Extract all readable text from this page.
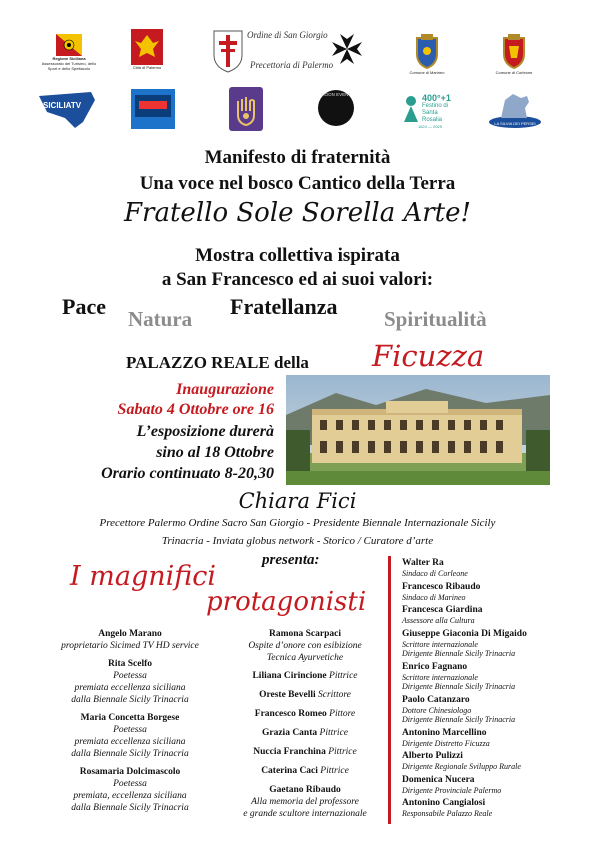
Regione Siciliana
Assessorato del Turismo, dello Sport e dello Spettacolo	Città di Palermo
Ordine di San Giorgio
Precettoria di Palermo
Comune di Marineo	Comune di Corleone
SICILIATV
MOON EVENT	400°+1
Festino di Santa Rosalia
1624 — 2025
LA SILVIA DEI PERSEI
Manifesto di fraternità
Una voce nel bosco Cantico della Terra
Fratello Sole Sorella Arte!
Mostra collettiva ispirata
a San Francesco ed ai suoi valori:
Pace Natura Fratellanza Spiritualità
PALAZZO REALE della Ficuzza
Inaugurazione
Sabato 4 Ottobre ore 16
L’esposizione durerà
sino al 18 Ottobre
Orario continuato 8-20,30
Chiara Fici
Precettore Palermo Ordine Sacro San Giorgio - Presidente Biennale Internazionale Sicily
Trinacria - Inviata globus network - Storico / Curatore d’arte
presenta:
I magnifici
protagonisti

Angelo Marano

proprietario Sicimed TV HD service

Rita Scelfo

Poetessa

premiata eccellenza siciliana

dalla Biennale Sicily Trinacria

Maria Concetta Borgese

Poetessa

premiata eccellenza siciliana

dalla Biennale Sicily Trinacria

Rosamaria Dolcimascolo

Poetessa

premiata, eccellenza siciliana

dalla Biennale Sicily Trinacria

Ramona Scarpaci

Ospite d’onore con esibizione

Tecnica Ayurvetiche

Liliana Cirincione Pittrice

Oreste Bevelli Scrittore

Francesco Romeo Pittore

Grazia Canta Pittrice

Nuccia Franchina Pittrice

Caterina Caci Pittrice

Gaetano Ribaudo

Alla memoria del professore

e grande scultore internazionale

Walter Ra

Sindaco di Corleone

Francesco Ribaudo

Sindaco di Marineo

Francesca Giardina

Assessore alla Cultura

Giuseppe Giaconia Di Migaido

Scrittore internazionale

Dirigente Biennale Sicily Trinacria

Enrico Fagnano

Scrittore internazionale

Dirigente Biennale Sicily Trinacria

Paolo Catanzaro

Dottore Chinesiologo

Dirigente Biennale Sicily Trinacria

Antonino Marcellino

Dirigente Distretto Ficuzza

Alberto Pulizzi

Dirigente Regionale Sviluppo Rurale

Domenica Nucera

Dirigente Provinciale Palermo

Antonino Cangialosi

Responsabile Palazzo Reale
